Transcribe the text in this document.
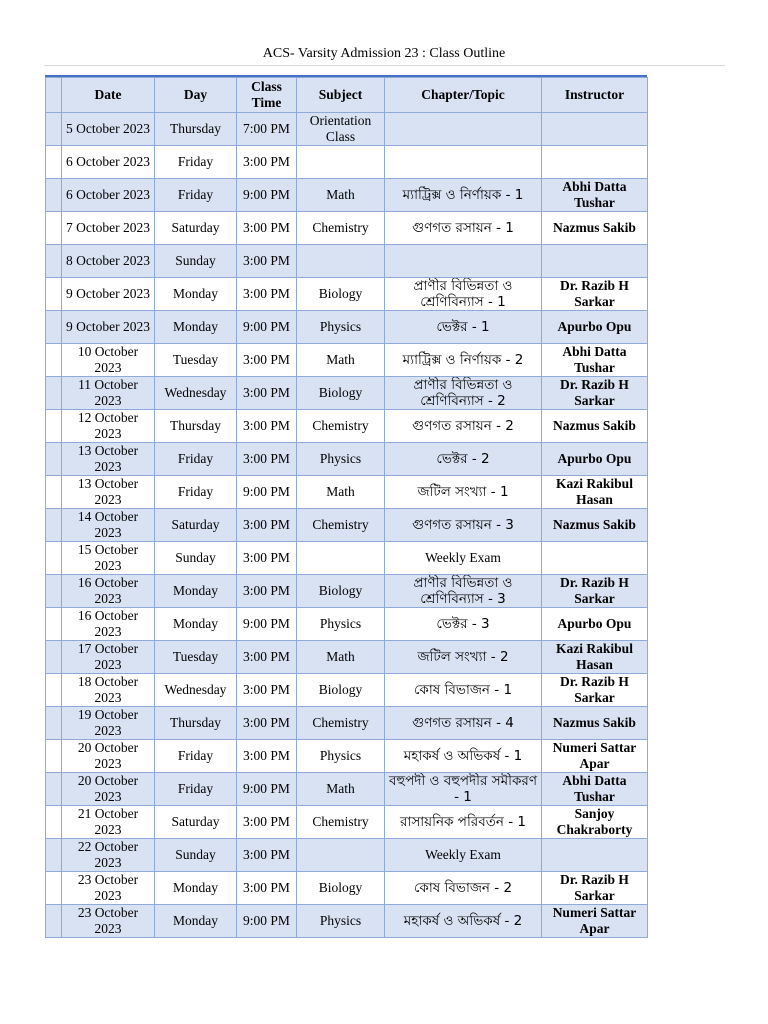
ACS- Varsity Admission 23 : Class Outline
	Date	Day	Class Time	Subject	Chapter/Topic	Instructor
	5 October 2023	Thursday	7:00 PM	Orientation Class		
	6 October 2023	Friday	3:00 PM			
	6 October 2023	Friday	9:00 PM	Math	ম্যাট্রিক্স ও নির্ণায়ক - 1	Abhi Datta Tushar
	7 October 2023	Saturday	3:00 PM	Chemistry	গুণগত রসায়ন - 1	Nazmus Sakib
	8 October 2023	Sunday	3:00 PM			
	9 October 2023	Monday	3:00 PM	Biology	প্রাণীর বিভিন্নতা ও শ্রেণিবিন্যাস - 1	Dr. Razib H Sarkar
	9 October 2023	Monday	9:00 PM	Physics	ভেক্টর - 1	Apurbo Opu
	10 October 2023	Tuesday	3:00 PM	Math	ম্যাট্রিক্স ও নির্ণায়ক - 2	Abhi Datta Tushar
	11 October 2023	Wednesday	3:00 PM	Biology	প্রাণীর বিভিন্নতা ও শ্রেণিবিন্যাস - 2	Dr. Razib H Sarkar
	12 October 2023	Thursday	3:00 PM	Chemistry	গুণগত রসায়ন - 2	Nazmus Sakib
	13 October 2023	Friday	3:00 PM	Physics	ভেক্টর - 2	Apurbo Opu
	13 October 2023	Friday	9:00 PM	Math	জটিল সংখ্যা - 1	Kazi Rakibul Hasan
	14 October 2023	Saturday	3:00 PM	Chemistry	গুণগত রসায়ন - 3	Nazmus Sakib
	15 October 2023	Sunday	3:00 PM		Weekly Exam	
	16 October 2023	Monday	3:00 PM	Biology	প্রাণীর বিভিন্নতা ও শ্রেণিবিন্যাস - 3	Dr. Razib H Sarkar
	16 October 2023	Monday	9:00 PM	Physics	ভেক্টর - 3	Apurbo Opu
	17 October 2023	Tuesday	3:00 PM	Math	জটিল সংখ্যা - 2	Kazi Rakibul Hasan
	18 October 2023	Wednesday	3:00 PM	Biology	কোষ বিভাজন - 1	Dr. Razib H Sarkar
	19 October 2023	Thursday	3:00 PM	Chemistry	গুণগত রসায়ন - 4	Nazmus Sakib
	20 October 2023	Friday	3:00 PM	Physics	মহাকর্ষ ও অভিকর্ষ - 1	Numeri Sattar Apar
	20 October 2023	Friday	9:00 PM	Math	বহুপদী ও বহুপদীর সমীকরণ - 1	Abhi Datta Tushar
	21 October 2023	Saturday	3:00 PM	Chemistry	রাসায়নিক পরিবর্তন - 1	Sanjoy Chakraborty
	22 October 2023	Sunday	3:00 PM		Weekly Exam	
	23 October 2023	Monday	3:00 PM	Biology	কোষ বিভাজন - 2	Dr. Razib H Sarkar
	23 October 2023	Monday	9:00 PM	Physics	মহাকর্ষ ও অভিকর্ষ - 2	Numeri Sattar Apar
